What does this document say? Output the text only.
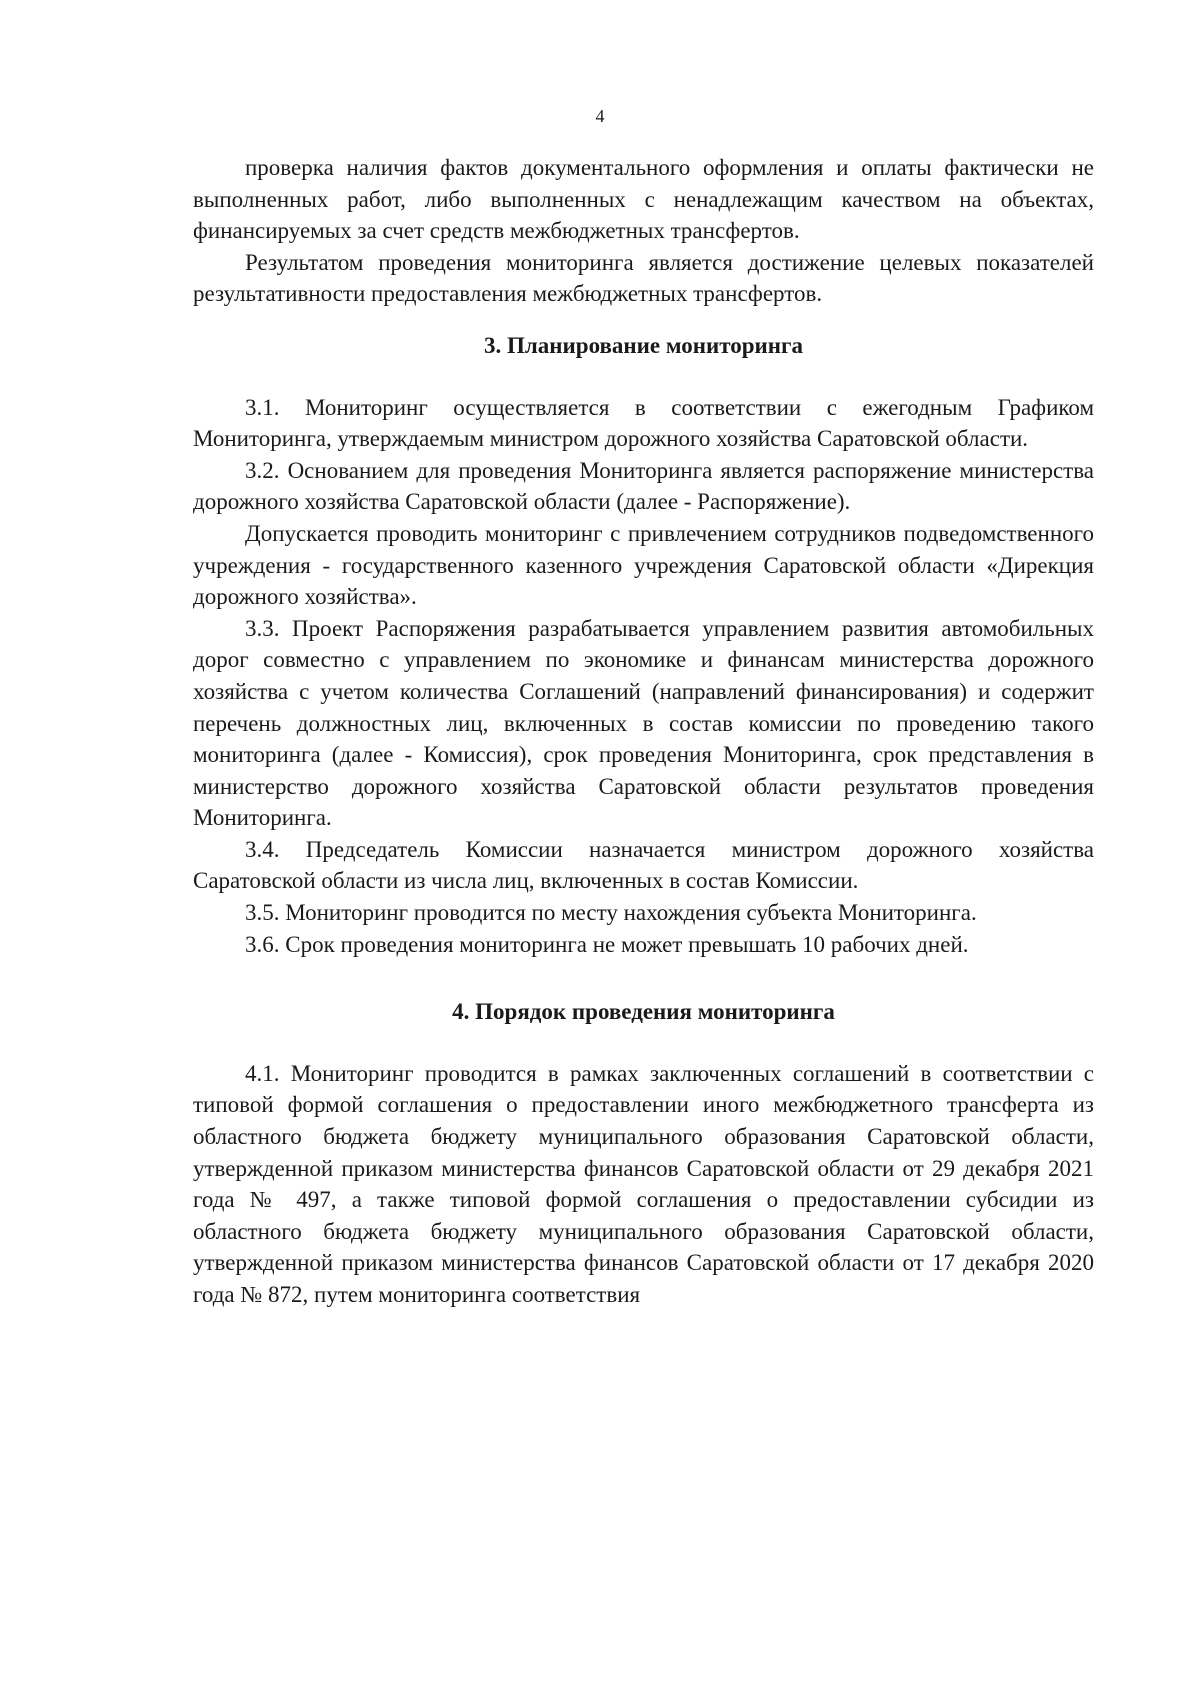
4

проверка наличия фактов документального оформления и оплаты фактически не выполненных работ, либо выполненных с ненадлежащим качеством на объектах, финансируемых за счет средств межбюджетных трансфертов.

Результатом проведения мониторинга является достижение целевых показателей результативности предоставления межбюджетных трансфертов.

3. Планирование мониторинга

3.1. Мониторинг осуществляется в соответствии с ежегодным Графиком Мониторинга, утверждаемым министром дорожного хозяйства Саратовской области.

3.2. Основанием для проведения Мониторинга является распоряжение министерства дорожного хозяйства Саратовской области (далее - Распоряжение).

Допускается проводить мониторинг с привлечением сотрудников подведомственного учреждения - государственного казенного учреждения Саратовской области «Дирекция дорожного хозяйства».

3.3. Проект Распоряжения разрабатывается управлением развития автомобильных дорог совместно с управлением по экономике и финансам министерства дорожного хозяйства с учетом количества Соглашений (направлений финансирования) и содержит перечень должностных лиц, включенных в состав комиссии по проведению такого мониторинга (далее - Комиссия), срок проведения Мониторинга, срок представления в министерство дорожного хозяйства Саратовской области результатов проведения Мониторинга.

3.4. Председатель Комиссии назначается министром дорожного хозяйства Саратовской области из числа лиц, включенных в состав Комиссии.

3.5. Мониторинг проводится по месту нахождения субъекта Мониторинга.

3.6. Срок проведения мониторинга не может превышать 10 рабочих дней.

4. Порядок проведения мониторинга

4.1. Мониторинг проводится в рамках заключенных соглашений в соответствии с типовой формой соглашения о предоставлении иного межбюджетного трансферта из областного бюджета бюджету муниципального образования Саратовской области, утвержденной приказом министерства финансов Саратовской области от 29 декабря 2021 года № 497, а также типовой формой соглашения о предоставлении субсидии из областного бюджета бюджету муниципального образования Саратовской области, утвержденной приказом министерства финансов Саратовской области от 17 декабря 2020 года № 872, путем мониторинга соответствия
